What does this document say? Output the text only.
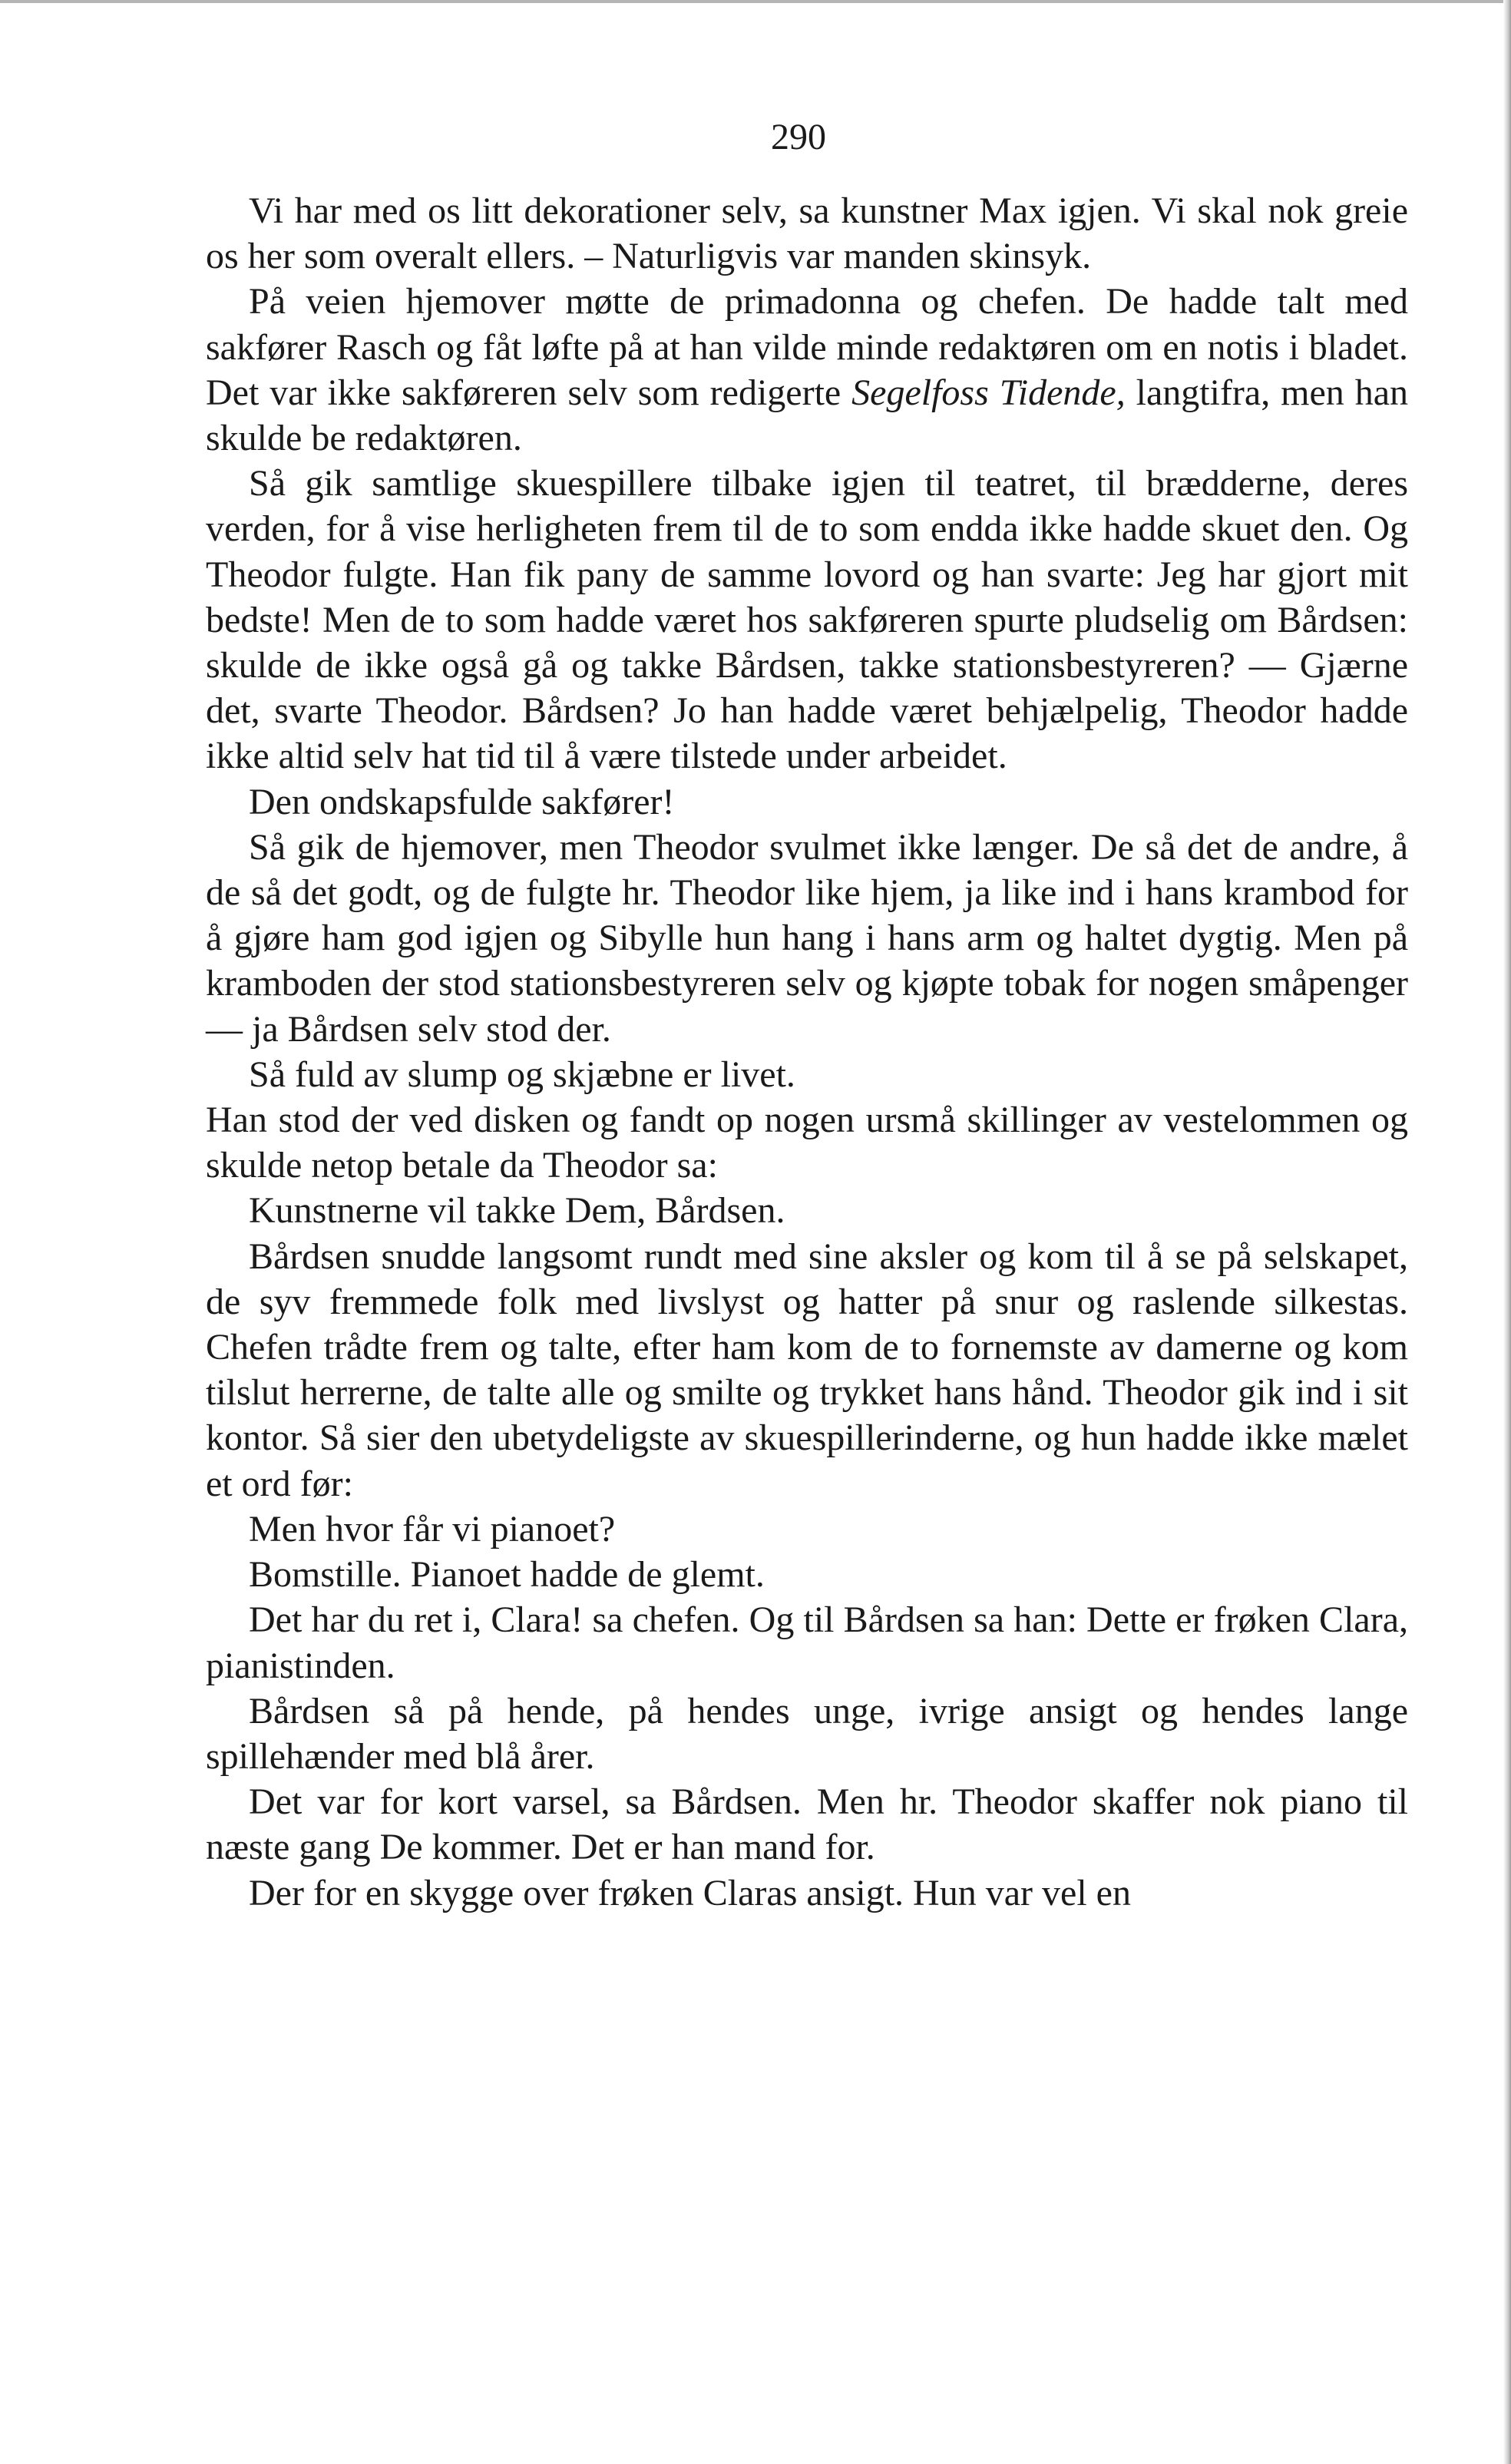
290

Vi har med os litt dekorationer selv, sa kunstner Max igjen. Vi skal nok greie os her som overalt ellers. – Naturligvis var manden skinsyk.

På veien hjemover møtte de primadonna og chefen. De hadde talt med sakfører Rasch og fåt løfte på at han vilde minde redaktøren om en notis i bladet. Det var ikke sakføreren selv som redigerte Segelfoss Tidende, langtifra, men han skulde be redaktøren.

Så gik samtlige skuespillere tilbake igjen til teatret, til brædderne, deres verden, for å vise herligheten frem til de to som endda ikke hadde skuet den. Og Theodor fulgte. Han fik pany de samme lovord og han svarte: Jeg har gjort mit bedste! Men de to som hadde været hos sakføreren spurte pludselig om Bårdsen: skulde de ikke også gå og takke Bårdsen, takke stationsbestyreren? — Gjærne det, svarte Theodor. Bårdsen? Jo han hadde været behjælpelig, Theodor hadde ikke altid selv hat tid til å være tilstede under arbeidet.

Den ondskapsfulde sakfører!

Så gik de hjemover, men Theodor svulmet ikke længer. De så det de andre, å de så det godt, og de fulgte hr. Theodor like hjem, ja like ind i hans krambod for å gjøre ham god igjen og Sibylle hun hang i hans arm og haltet dygtig. Men på kramboden der stod stationsbestyreren selv og kjøpte tobak for nogen småpenger — ja Bårdsen selv stod der.

Så fuld av slump og skjæbne er livet.

Han stod der ved disken og fandt op nogen ursmå skillinger av vestelommen og skulde netop betale da Theodor sa:

Kunstnerne vil takke Dem, Bårdsen.

Bårdsen snudde langsomt rundt med sine aksler og kom til å se på selskapet, de syv fremmede folk med livslyst og hatter på snur og raslende silkestas. Chefen trådte frem og talte, efter ham kom de to fornemste av damerne og kom tilslut herrerne, de talte alle og smilte og trykket hans hånd. Theodor gik ind i sit kontor. Så sier den ubetydeligste av skuespillerinderne, og hun hadde ikke mælet et ord før:

Men hvor får vi pianoet?

Bomstille. Pianoet hadde de glemt.

Det har du ret i, Clara! sa chefen. Og til Bårdsen sa han: Dette er frøken Clara, pianistinden.

Bårdsen så på hende, på hendes unge, ivrige ansigt og hendes lange spillehænder med blå årer.

Det var for kort varsel, sa Bårdsen. Men hr. Theodor skaffer nok piano til næste gang De kommer. Det er han mand for.

Der for en skygge over frøken Claras ansigt. Hun var vel en
